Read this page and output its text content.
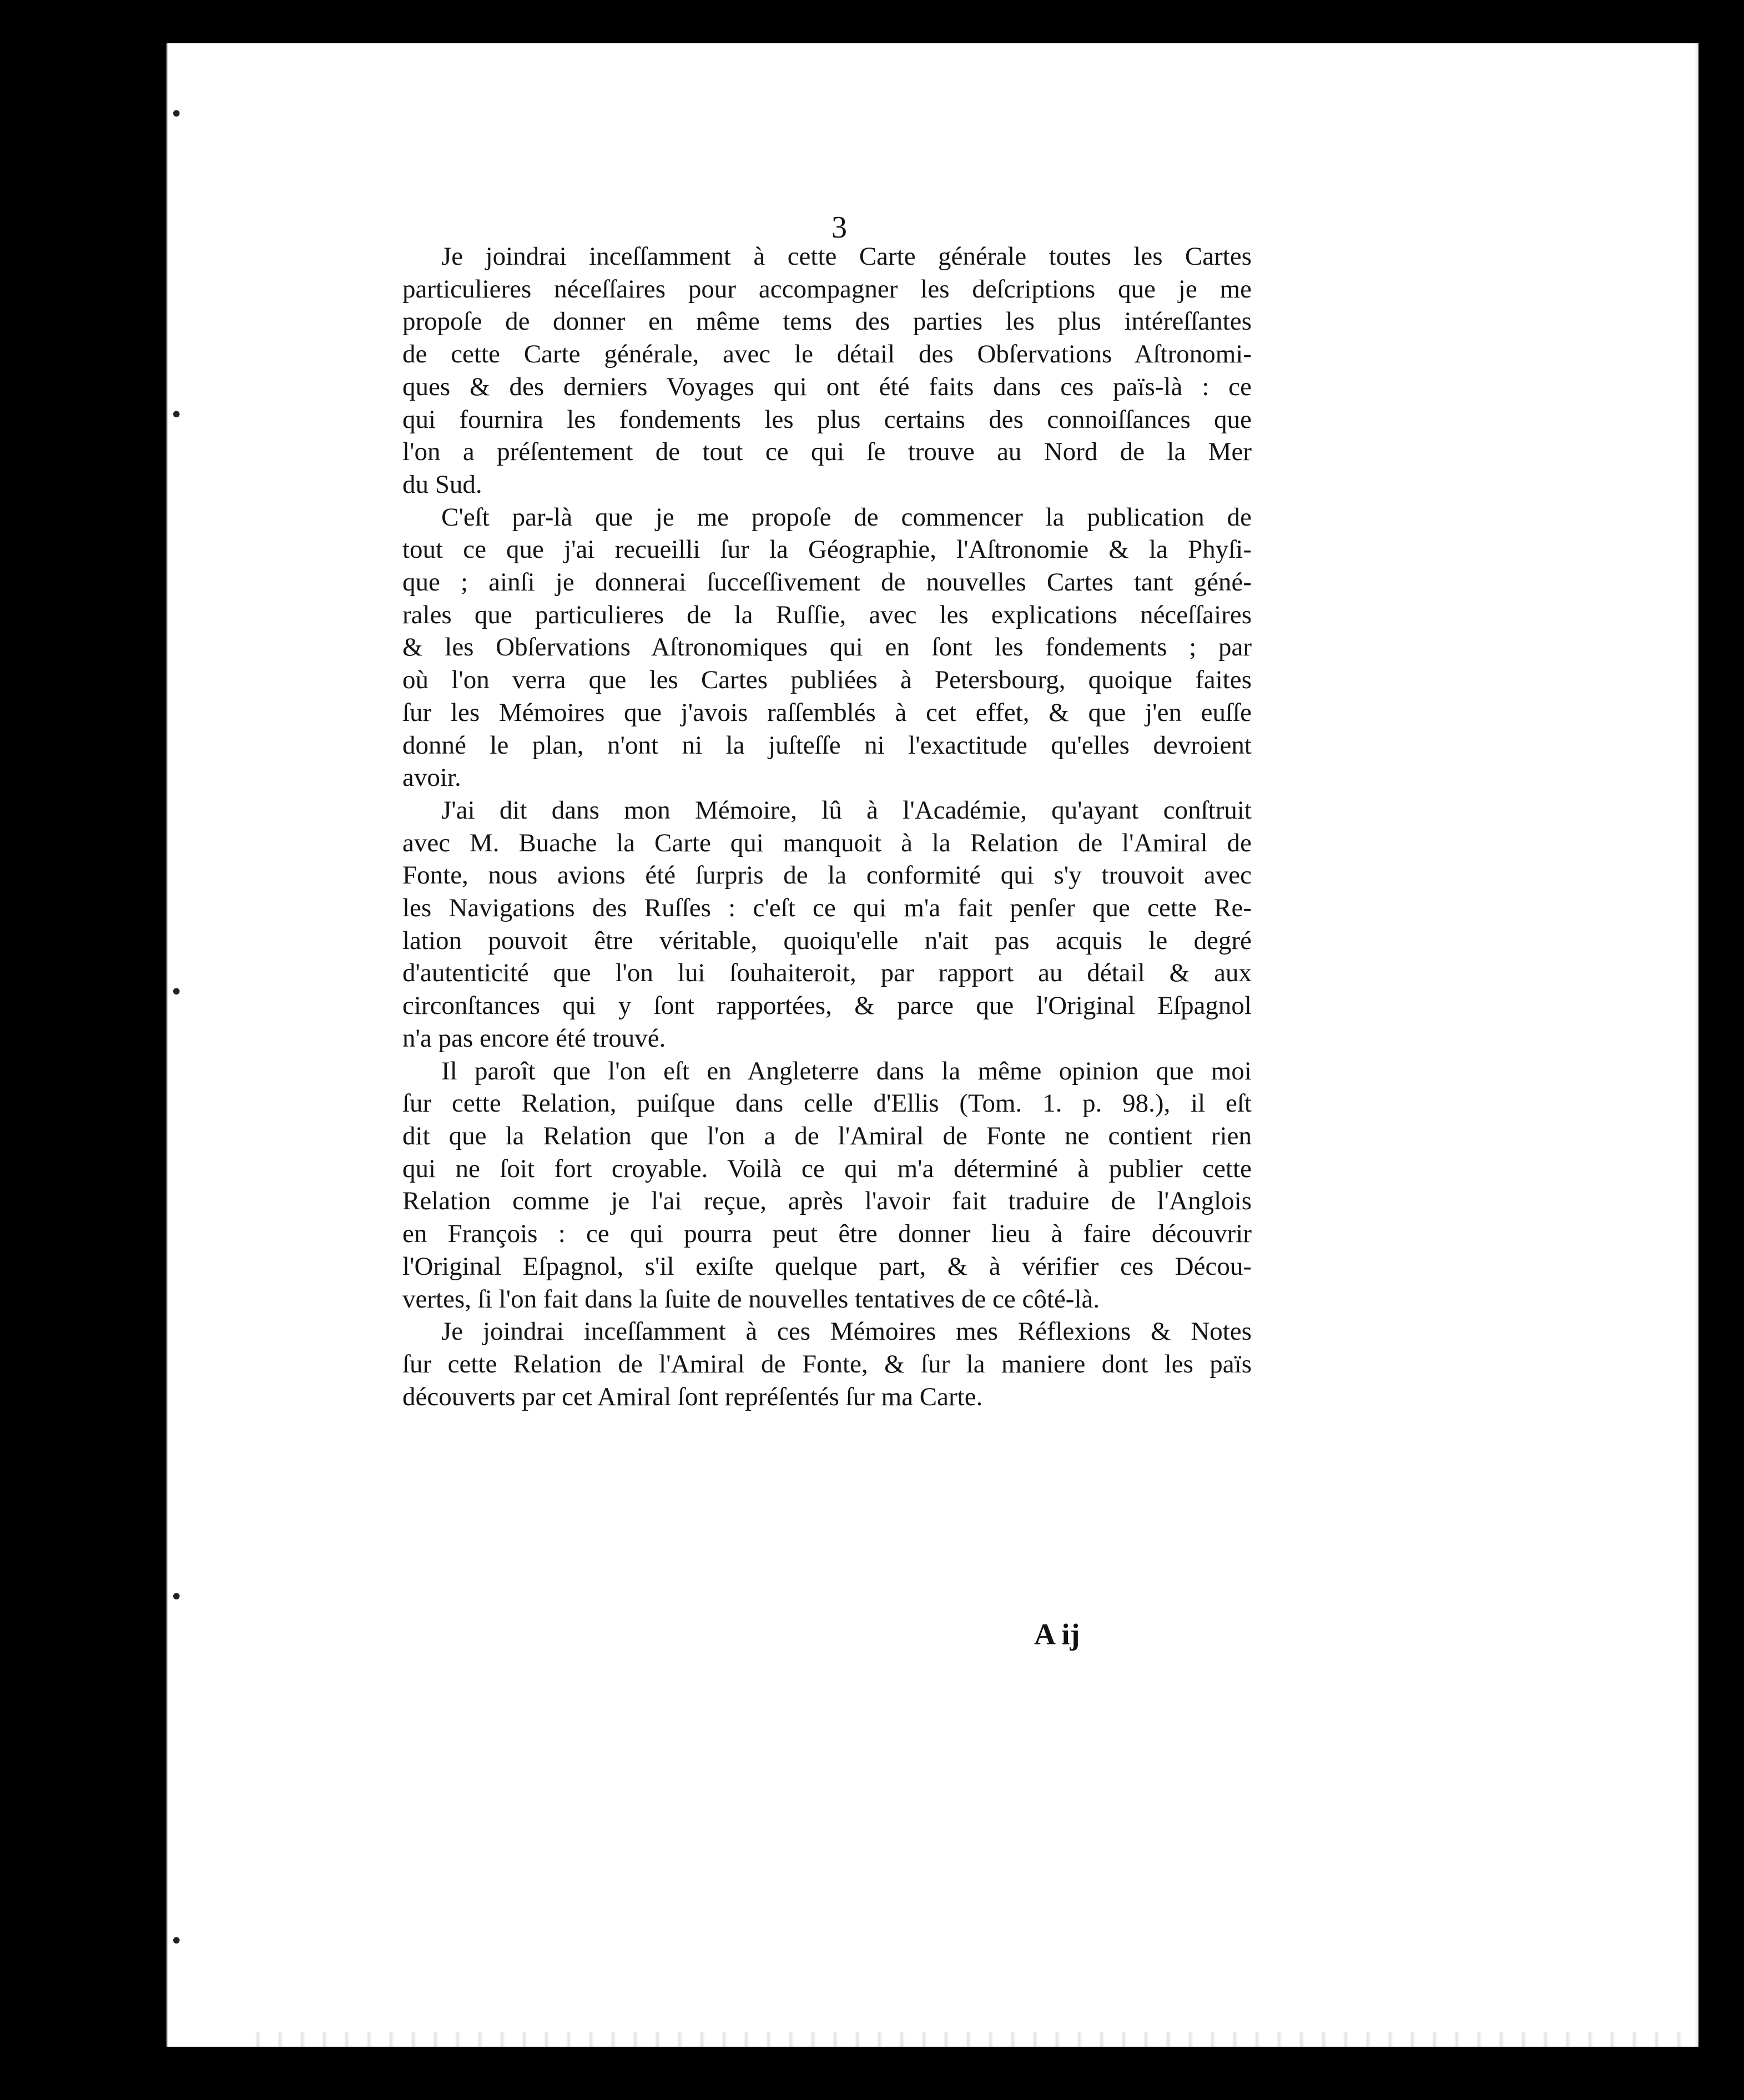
•
•
•
•
•
3

Je joindrai inceſſamment à cette Carte générale toutes les Cartes
particulieres néceſſaires pour accompagner les deſcriptions que je me
propoſe de donner en même tems des parties les plus intéreſſantes
de cette Carte générale, avec le détail des Obſervations Aſtronomi-
ques & des derniers Voyages qui ont été faits dans ces païs-là : ce
qui fournira les fondements les plus certains des connoiſſances que
l'on a préſentement de tout ce qui ſe trouve au Nord de la Mer
du Sud.

C'eſt par-là que je me propoſe de commencer la publication de
tout ce que j'ai recueilli ſur la Géographie, l'Aſtronomie & la Phyſi-
que ; ainſi je donnerai ſucceſſivement de nouvelles Cartes tant géné-
rales que particulieres de la Ruſſie, avec les explications néceſſaires
& les Obſervations Aſtronomiques qui en ſont les fondements ; par
où l'on verra que les Cartes publiées à Petersbourg, quoique faites
ſur les Mémoires que j'avois raſſemblés à cet effet, & que j'en euſſe
donné le plan, n'ont ni la juſteſſe ni l'exactitude qu'elles devroient
avoir.

J'ai dit dans mon Mémoire, lû à l'Académie, qu'ayant conſtruit
avec M. Buache la Carte qui manquoit à la Relation de l'Amiral de
Fonte, nous avions été ſurpris de la conformité qui s'y trouvoit avec
les Navigations des Ruſſes : c'eſt ce qui m'a fait penſer que cette Re-
lation pouvoit être véritable, quoiqu'elle n'ait pas acquis le degré
d'autenticité que l'on lui ſouhaiteroit, par rapport au détail & aux
circonſtances qui y ſont rapportées, & parce que l'Original Eſpagnol
n'a pas encore été trouvé.

Il paroît que l'on eſt en Angleterre dans la même opinion que moi
ſur cette Relation, puiſque dans celle d'Ellis (Tom. 1. p. 98.), il eſt
dit que la Relation que l'on a de l'Amiral de Fonte ne contient rien
qui ne ſoit fort croyable. Voilà ce qui m'a déterminé à publier cette
Relation comme je l'ai reçue, après l'avoir fait traduire de l'Anglois
en François : ce qui pourra peut être donner lieu à faire découvrir
l'Original Eſpagnol, s'il exiſte quelque part, & à vérifier ces Décou-
vertes, ſi l'on fait dans la ſuite de nouvelles tentatives de ce côté-là.

Je joindrai inceſſamment à ces Mémoires mes Réflexions & Notes
ſur cette Relation de l'Amiral de Fonte, & ſur la maniere dont les païs
découverts par cet Amiral ſont repréſentés ſur ma Carte.

A ij
